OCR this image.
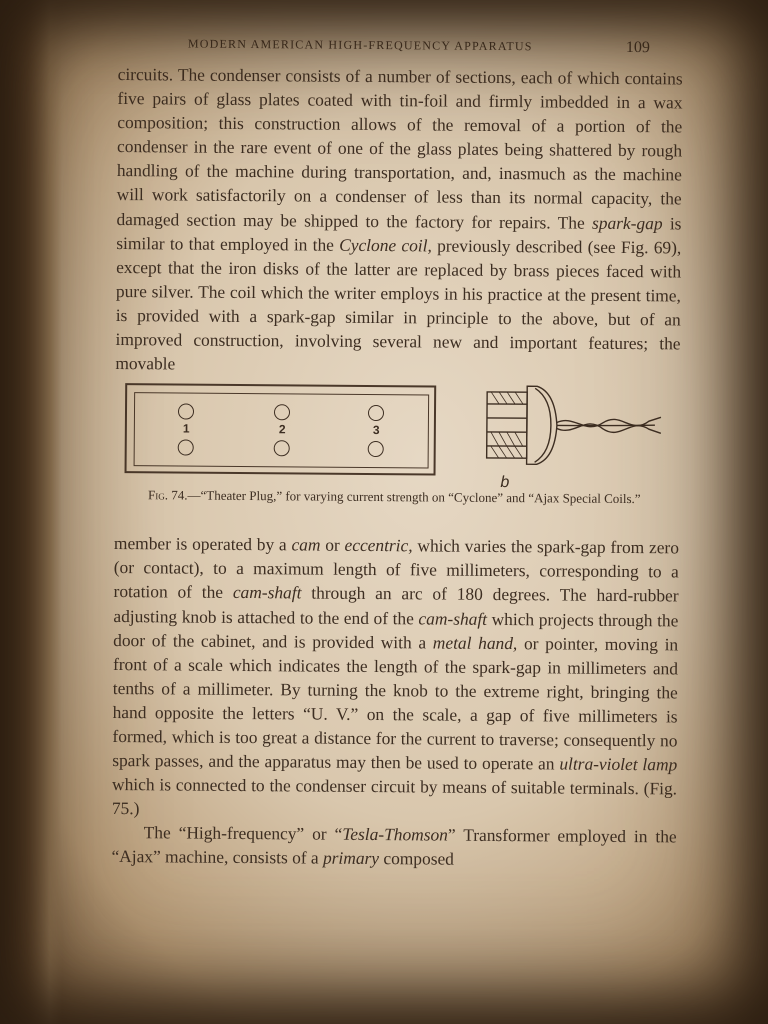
MODERN AMERICAN HIGH-FREQUENCY APPARATUS	109

circuits. The condenser consists of a number of sections, each of which contains five pairs of glass plates coated with tin-foil and firmly imbedded in a wax composition; this construction allows of the removal of a portion of the condenser in the rare event of one of the glass plates being shattered by rough handling of the machine during transportation, and, inasmuch as the machine will work satisfactorily on a condenser of less than its normal capacity, the damaged section may be shipped to the factory for repairs. The spark-gap is similar to that employed in the Cyclone coil, previously described (see Fig. 69), except that the iron disks of the latter are replaced by brass pieces faced with pure silver. The coil which the writer employs in his practice at the present time, is provided with a spark-gap similar in principle to the above, but of an improved construction, involving several new and important features; the movable

1	2	3
b
Fig. 74.—“Theater Plug,” for varying current strength on “Cyclone” and “Ajax Special Coils.”

member is operated by a cam or eccentric, which varies the spark-gap from zero (or contact), to a maximum length of five millimeters, corresponding to a rotation of the cam-shaft through an arc of 180 degrees. The hard-rubber adjusting knob is attached to the end of the cam-shaft which projects through the door of the cabinet, and is provided with a metal hand, or pointer, moving in front of a scale which indicates the length of the spark-gap in millimeters and tenths of a millimeter. By turning the knob to the extreme right, bringing the hand opposite the letters “U. V.” on the scale, a gap of five millimeters is formed, which is too great a distance for the current to traverse; consequently no spark passes, and the apparatus may then be used to operate an ultra-violet lamp which is connected to the condenser circuit by means of suitable terminals. (Fig. 75.)

The “High-frequency” or “Tesla-Thomson” Transformer employed in the “Ajax” machine, consists of a primary composed
